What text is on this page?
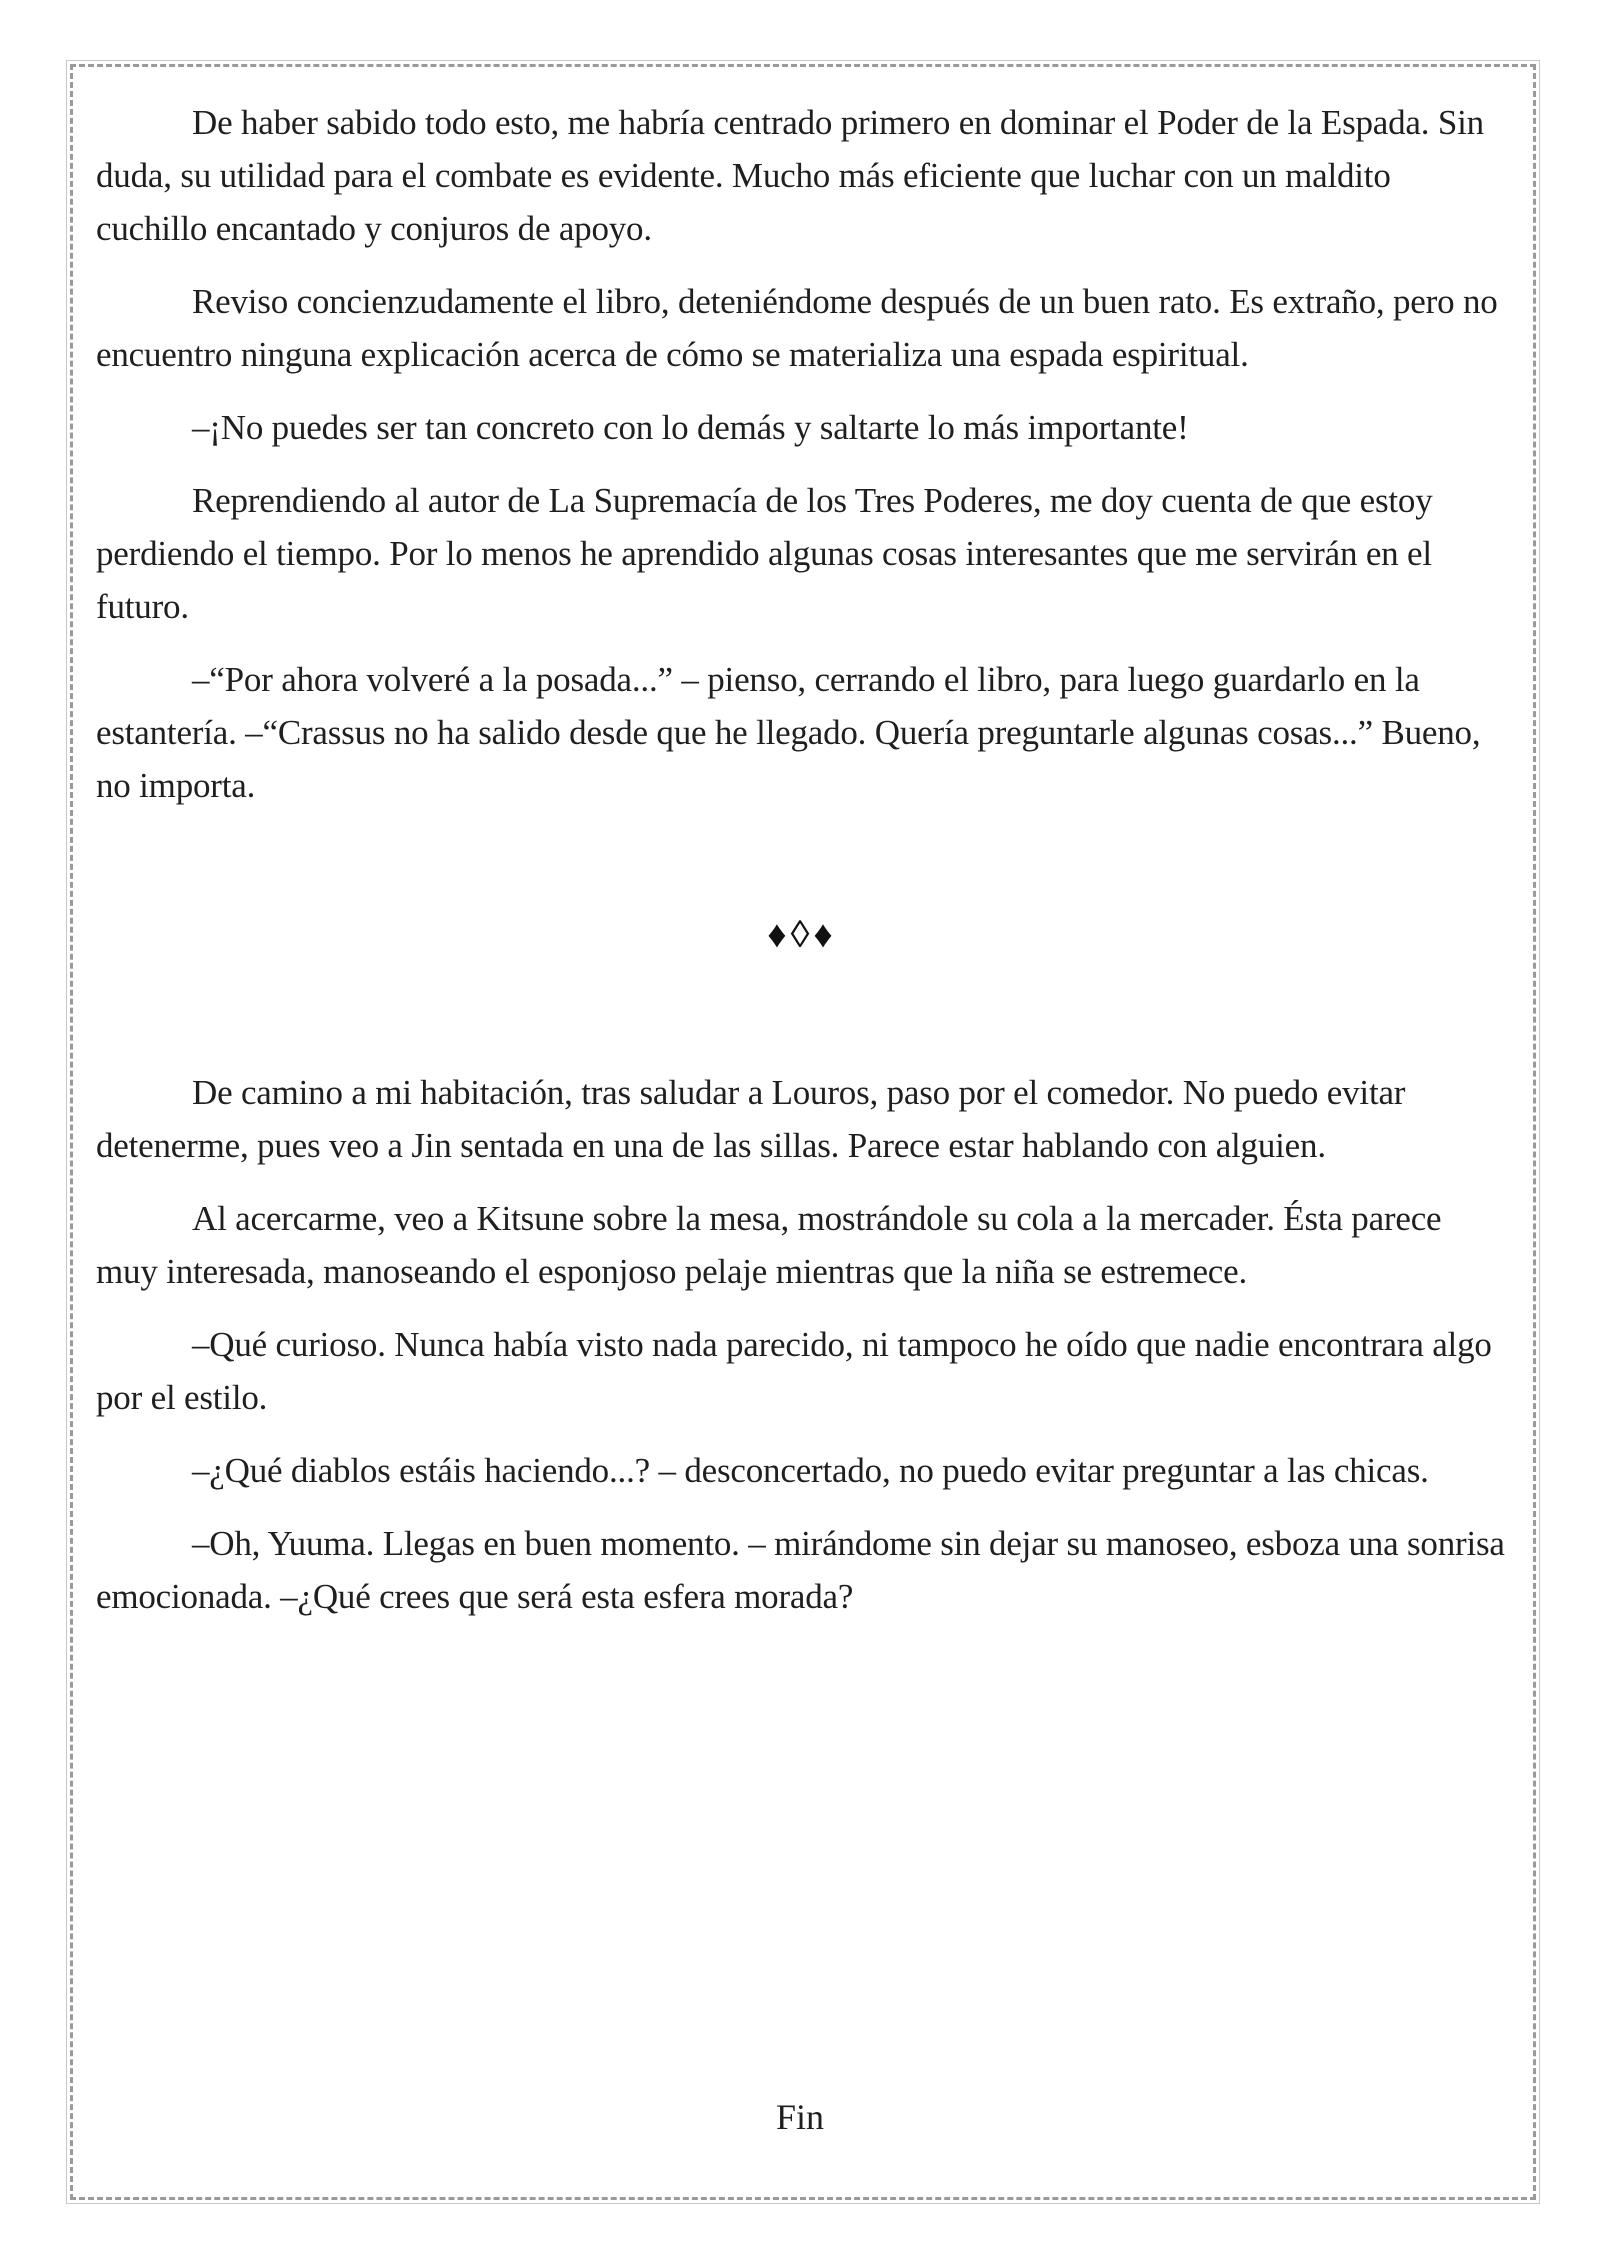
De haber sabido todo esto, me habría centrado primero en dominar el Poder de la Espada. Sin duda, su utilidad para el combate es evidente. Mucho más eficiente que luchar con un maldito cuchillo encantado y conjuros de apoyo.

Reviso concienzudamente el libro, deteniéndome después de un buen rato. Es extraño, pero no encuentro ninguna explicación acerca de cómo se materializa una espada espiritual.

–¡No puedes ser tan concreto con lo demás y saltarte lo más importante!

Reprendiendo al autor de La Supremacía de los Tres Poderes, me doy cuenta de que estoy perdiendo el tiempo. Por lo menos he aprendido algunas cosas interesantes que me servirán en el futuro.

–“Por ahora volveré a la posada...” – pienso, cerrando el libro, para luego guardarlo en la estantería. –“Crassus no ha salido desde que he llegado. Quería preguntarle algunas cosas...” Bueno, no importa.

♦◊♦

De camino a mi habitación, tras saludar a Louros, paso por el comedor. No puedo evitar detenerme, pues veo a Jin sentada en una de las sillas. Parece estar hablando con alguien.

Al acercarme, veo a Kitsune sobre la mesa, mostrándole su cola a la mercader. Ésta parece muy interesada, manoseando el esponjoso pelaje mientras que la niña se estremece.

–Qué curioso. Nunca había visto nada parecido, ni tampoco he oído que nadie encontrara algo por el estilo.

–¿Qué diablos estáis haciendo...? – desconcertado, no puedo evitar preguntar a las chicas.

–Oh, Yuuma. Llegas en buen momento. – mirándome sin dejar su manoseo, esboza una sonrisa emocionada. –¿Qué crees que será esta esfera morada?

Fin
